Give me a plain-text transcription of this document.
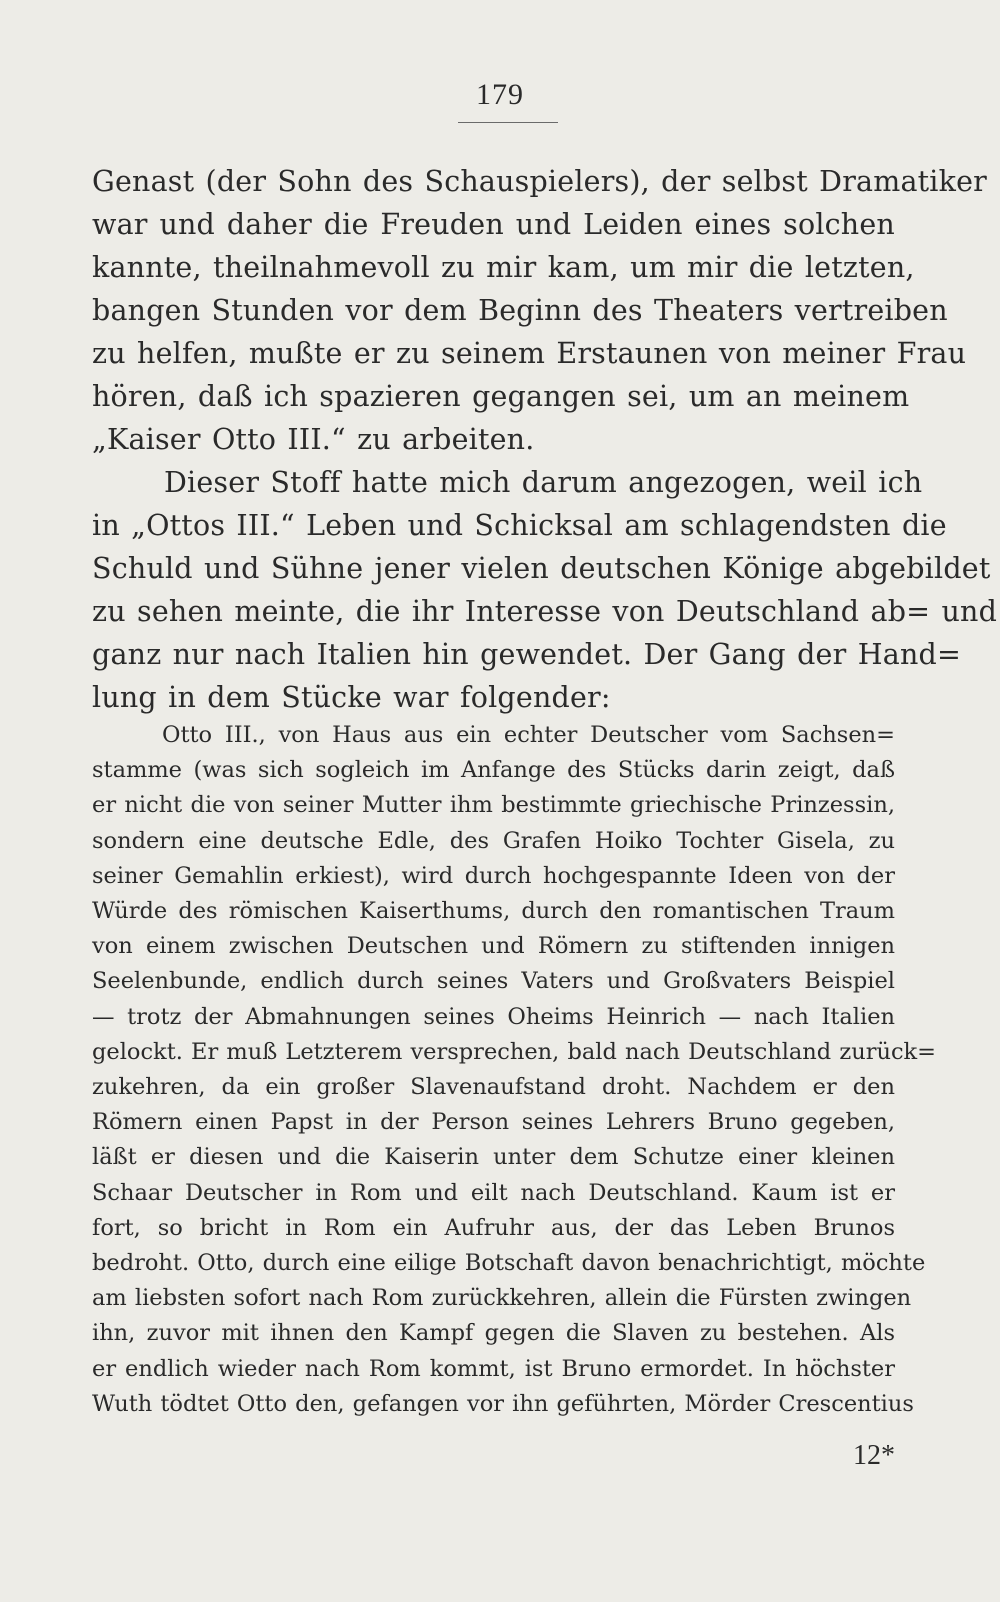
179

Genast (der Sohn des Schauspielers), der selbst Dramatiker
war und daher die Freuden und Leiden eines solchen
kannte, theilnahmevoll zu mir kam, um mir die letzten,
bangen Stunden vor dem Beginn des Theaters vertreiben
zu helfen, mußte er zu seinem Erstaunen von meiner Frau
hören, daß ich spazieren gegangen sei, um an meinem
„Kaiser Otto III.“ zu arbeiten.

Dieser Stoff hatte mich darum angezogen, weil ich
in „Ottos III.“ Leben und Schicksal am schlagendsten die
Schuld und Sühne jener vielen deutschen Könige abgebildet
zu sehen meinte, die ihr Interesse von Deutschland ab= und
ganz nur nach Italien hin gewendet. Der Gang der Hand=
lung in dem Stücke war folgender:

Otto III., von Haus aus ein echter Deutscher vom Sachsen=
stamme (was sich sogleich im Anfange des Stücks darin zeigt, daß
er nicht die von seiner Mutter ihm bestimmte griechische Prinzessin,
sondern eine deutsche Edle, des Grafen Hoiko Tochter Gisela, zu
seiner Gemahlin erkiest), wird durch hochgespannte Ideen von der
Würde des römischen Kaiserthums, durch den romantischen Traum
von einem zwischen Deutschen und Römern zu stiftenden innigen
Seelenbunde, endlich durch seines Vaters und Großvaters Beispiel
— trotz der Abmahnungen seines Oheims Heinrich — nach Italien
gelockt. Er muß Letzterem versprechen, bald nach Deutschland zurück=
zukehren, da ein großer Slavenaufstand droht. Nachdem er den
Römern einen Papst in der Person seines Lehrers Bruno gegeben,
läßt er diesen und die Kaiserin unter dem Schutze einer kleinen
Schaar Deutscher in Rom und eilt nach Deutschland. Kaum ist er
fort, so bricht in Rom ein Aufruhr aus, der das Leben Brunos
bedroht. Otto, durch eine eilige Botschaft davon benachrichtigt, möchte
am liebsten sofort nach Rom zurückkehren, allein die Fürsten zwingen
ihn, zuvor mit ihnen den Kampf gegen die Slaven zu bestehen. Als
er endlich wieder nach Rom kommt, ist Bruno ermordet. In höchster
Wuth tödtet Otto den, gefangen vor ihn geführten, Mörder Crescentius

12*
